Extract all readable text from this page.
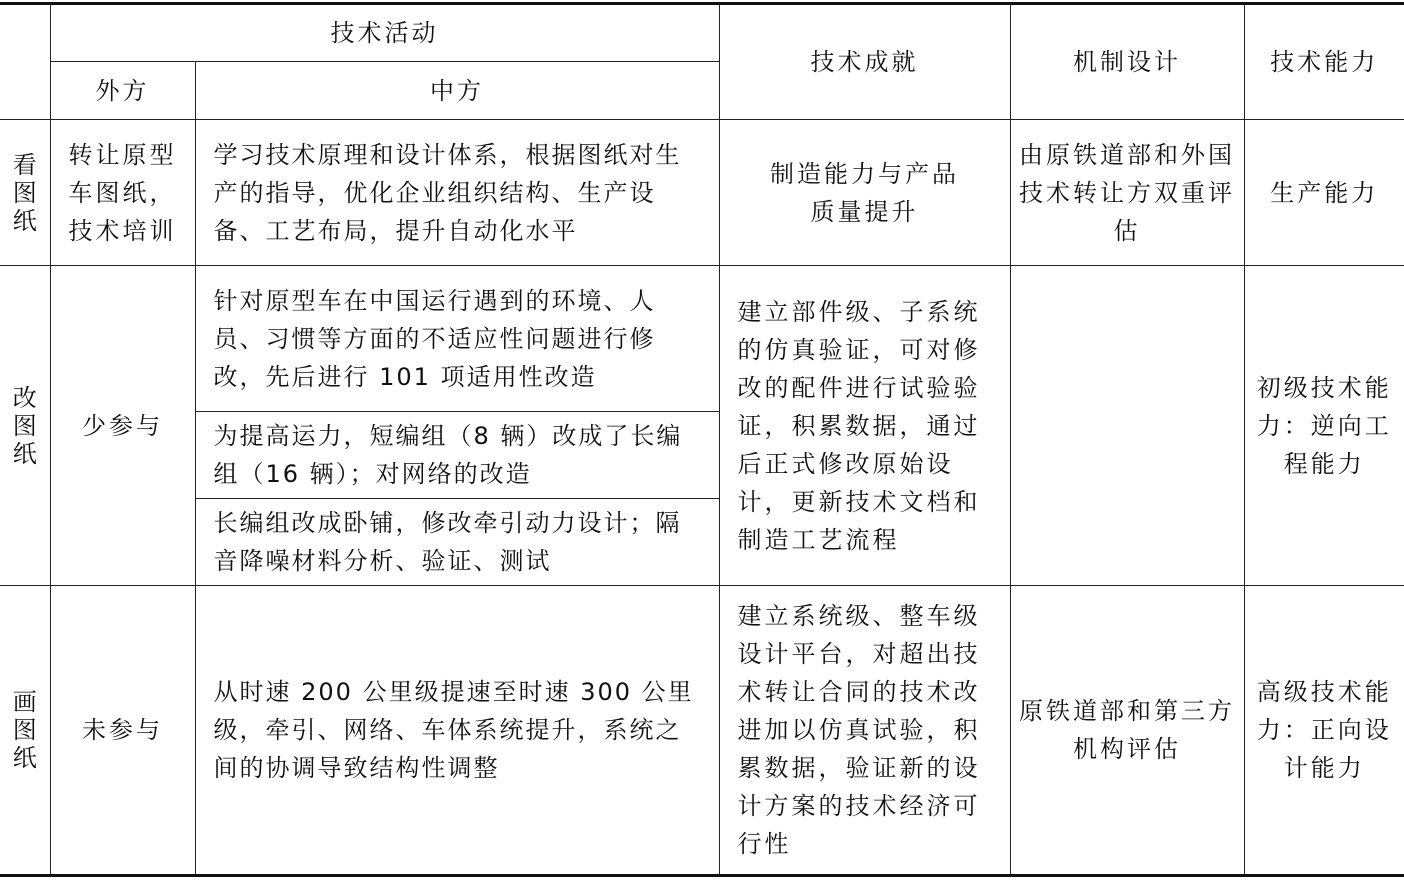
	技术活动		技术成就	机制设计	技术能力
	外方	中方			
看图纸	转让原型车图纸，技术培训	学习技术原理和设计体系，根据图纸对生产的指导，优化企业组织结构、生产设备、工艺布局，提升自动化水平	制造能力与产品质量提升	由原铁道部和外国技术转让方双重评估	生产能力
改图纸	少参与	针对原型车在中国运行遇到的环境、人员、习惯等方面的不适应性问题进行修改，先后进行 101 项适用性改造	建立部件级、子系统的仿真验证，可对修改的配件进行试验验证，积累数据，通过后正式修改原始设计，更新技术文档和制造工艺流程		初级技术能力：逆向工程能力
		为提高运力，短编组（8 辆）改成了长编组（16 辆）；对网络的改造			
		长编组改成卧铺，修改牵引动力设计；隔音降噪材料分析、验证、测试			
画图纸	未参与	从时速 200 公里级提速至时速 300 公里级，牵引、网络、车体系统提升，系统之间的协调导致结构性调整	建立系统级、整车级设计平台，对超出技术转让合同的技术改进加以仿真试验，积累数据，验证新的设计方案的技术经济可行性	原铁道部和第三方机构评估	高级技术能力：正向设计能力
